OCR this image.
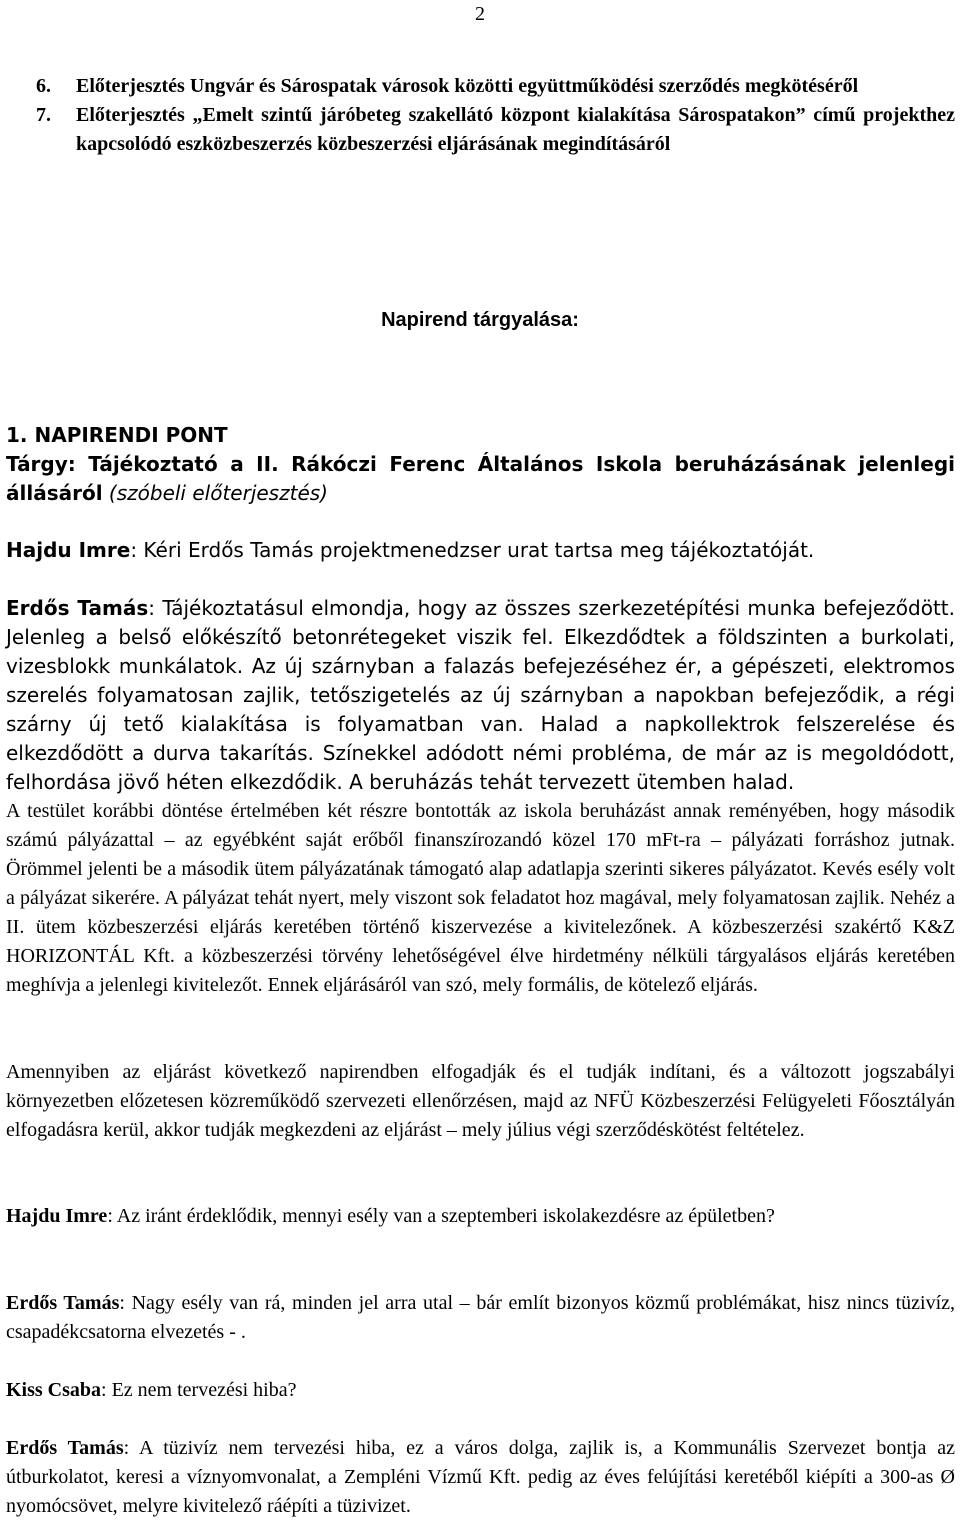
2
6. Előterjesztés Ungvár és Sárospatak városok közötti együttműködési szerződés megkötéséről
7. Előterjesztés „Emelt szintű járóbeteg szakellátó központ kialakítása Sárospatakon” című projekthez kapcsolódó eszközbeszerzés közbeszerzési eljárásának megindításáról
Napirend tárgyalása:
1. NAPIRENDI PONT

Tárgy: Tájékoztató a II. Rákóczi Ferenc Általános Iskola beruházásának jelenlegi állásáról (szóbeli előterjesztés)

Hajdu Imre: Kéri Erdős Tamás projektmenedzser urat tartsa meg tájékoztatóját.

Erdős Tamás: Tájékoztatásul elmondja, hogy az összes szerkezetépítési munka befejeződött. Jelenleg a belső előkészítő betonrétegeket viszik fel. Elkezdődtek a földszinten a burkolati, vizesblokk munkálatok. Az új szárnyban a falazás befejezéséhez ér, a gépészeti, elektromos szerelés folyamatosan zajlik, tetőszigetelés az új szárnyban a napokban befejeződik, a régi szárny új tető kialakítása is folyamatban van. Halad a napkollektrok felszerelése és elkezdődött a durva takarítás. Színekkel adódott némi probléma, de már az is megoldódott, felhordása jövő héten elkezdődik. A beruházás tehát tervezett ütemben halad.

A testület korábbi döntése értelmében két részre bontották az iskola beruházást annak reményében, hogy második számú pályázattal – az egyébként saját erőből finanszírozandó közel 170 mFt-ra – pályázati forráshoz jutnak. Örömmel jelenti be a második ütem pályázatának támogató alap adatlapja szerinti sikeres pályázatot. Kevés esély volt a pályázat sikerére. A pályázat tehát nyert, mely viszont sok feladatot hoz magával, mely folyamatosan zajlik. Nehéz a II. ütem közbeszerzési eljárás keretében történő kiszervezése a kivitelezőnek. A közbeszerzési szakértő K&Z HORIZONTÁL Kft. a közbeszerzési törvény lehetőségével élve hirdetmény nélküli tárgyalásos eljárás keretében meghívja a jelenlegi kivitelezőt. Ennek eljárásáról van szó, mely formális, de kötelező eljárás.

Amennyiben az eljárást következő napirendben elfogadják és el tudják indítani, és a változott jogszabályi környezetben előzetesen közreműködő szervezeti ellenőrzésen, majd az NFÜ Közbeszerzési Felügyeleti Főosztályán elfogadásra kerül, akkor tudják megkezdeni az eljárást – mely július végi szerződéskötést feltételez.

Hajdu Imre: Az iránt érdeklődik, mennyi esély van a szeptemberi iskolakezdésre az épületben?

Erdős Tamás: Nagy esély van rá, minden jel arra utal – bár említ bizonyos közmű problémákat, hisz nincs tüzivíz, csapadékcsatorna elvezetés - .

Kiss Csaba: Ez nem tervezési hiba?

Erdős Tamás: A tüzivíz nem tervezési hiba, ez a város dolga, zajlik is, a Kommunális Szervezet bontja az útburkolatot, keresi a víznyomvonalat, a Zempléni Vízmű Kft. pedig az éves felújítási keretéből kiépíti a 300-as Ø nyomócsövet, melyre kivitelező ráépíti a tüzivizet.
